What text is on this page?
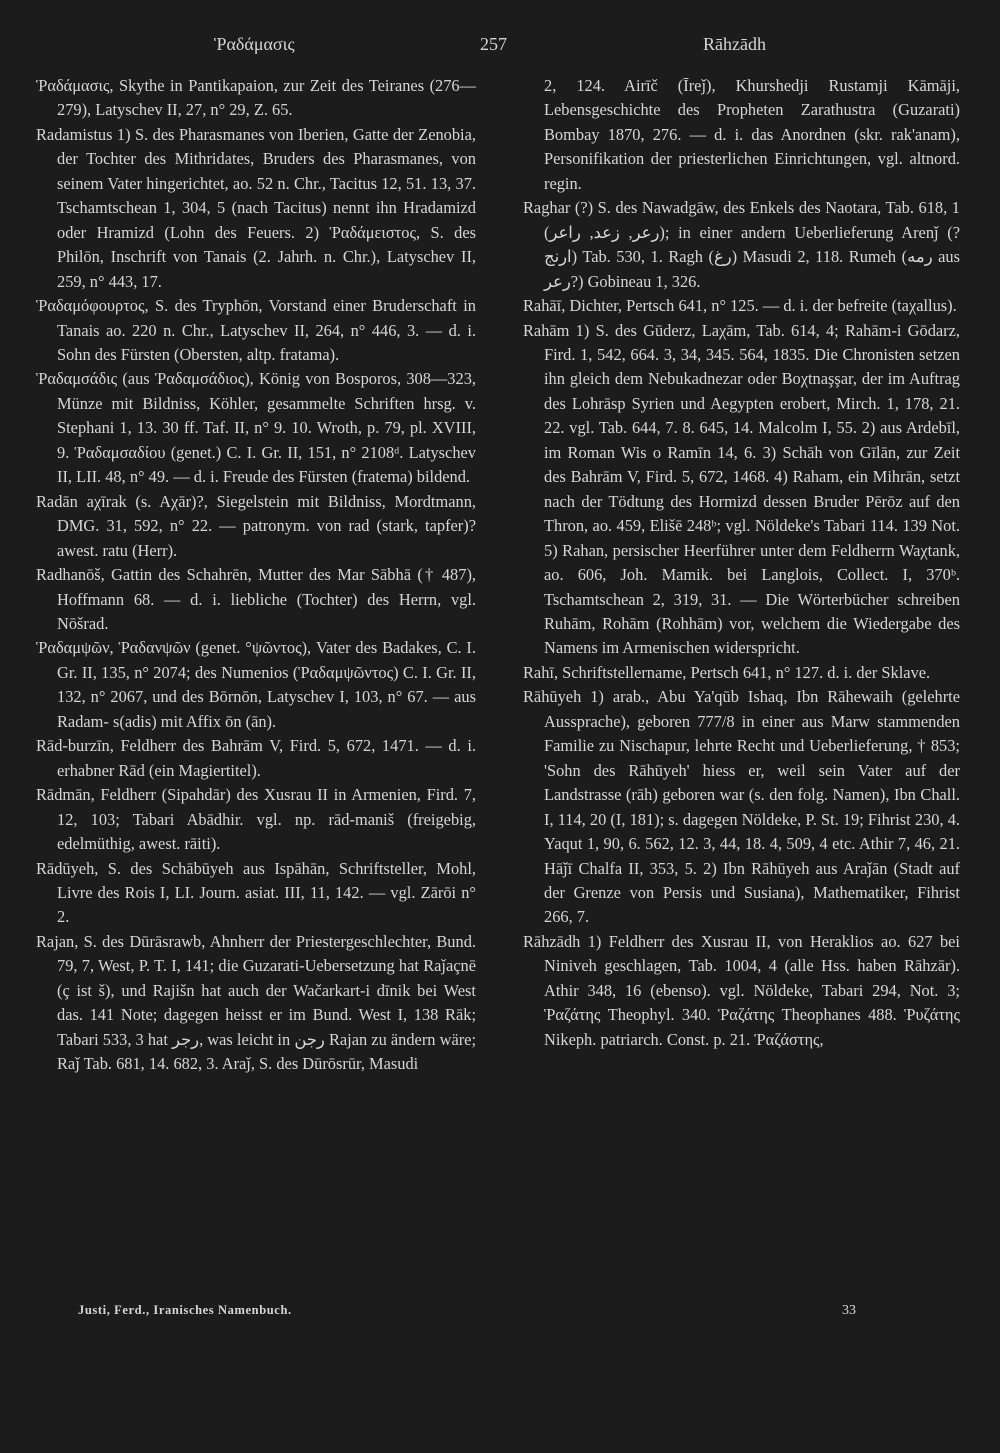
Ῥαδάμασις	257	Rāhzādh

Ῥαδάμασις, Skythe in Pantikapaion, zur Zeit des Teiranes (276—279), Latyschev II, 27, n° 29, Z. 65.

Radamistus 1) S. des Pharasmanes von Iberien, Gatte der Zenobia, der Tochter des Mithridates, Bruders des Pharasmanes, von seinem Vater hingerichtet, ao. 52 n. Chr., Tacitus 12, 51. 13, 37. Tschamtschean 1, 304, 5 (nach Tacitus) nennt ihn Hradamizd oder Hramizd (Lohn des Feuers. 2) Ῥαδάμειστος, S. des Philōn, Inschrift von Tanais (2. Jahrh. n. Chr.), Latyschev II, 259, n° 443, 17.

Ῥαδαμόφουρτος, S. des Tryphōn, Vorstand einer Bruderschaft in Tanais ao. 220 n. Chr., Latyschev II, 264, n° 446, 3. — d. i. Sohn des Fürsten (Obersten, altp. fratama).

Ῥαδαμσάδις (aus Ῥαδαμσάδιος), König von Bosporos, 308—323, Münze mit Bildniss, Köhler, gesammelte Schriften hrsg. v. Stephani 1, 13. 30 ff. Taf. II, n° 9. 10. Wroth, p. 79, pl. XVIII, 9. Ῥαδαμσαδίου (genet.) C. I. Gr. II, 151, n° 2108ᵈ. Latyschev II, LII. 48, n° 49. — d. i. Freude des Fürsten (fratema) bildend.

Radān aχīrak (s. Aχār)?, Siegelstein mit Bildniss, Mordtmann, DMG. 31, 592, n° 22. — patronym. von rad (stark, tapfer)? awest. ratu (Herr).

Radhanōš, Gattin des Schahrēn, Mutter des Mar Sābhā († 487), Hoffmann 68. — d. i. liebliche (Tochter) des Herrn, vgl. Nōšrad.

Ῥαδαμψῶν, Ῥαδανψῶν (genet. °ψῶντος), Vater des Badakes, C. I. Gr. II, 135, n° 2074; des Numenios (Ῥαδαμψῶντος) C. I. Gr. II, 132, n° 2067, und des Bōrnōn, Latyschev I, 103, n° 67. — aus Radam- s(adis) mit Affix ōn (ān).

Rād-burzīn, Feldherr des Bahrām V, Fird. 5, 672, 1471. — d. i. erhabner Rād (ein Magiertitel).

Rādmān, Feldherr (Sipahdār) des Xusrau II in Armenien, Fird. 7, 12, 103; Tabari Abādhir. vgl. np. rād-maniš (freigebig, edelmüthig, awest. rāiti).

Rādūyeh, S. des Schābūyeh aus Ispāhān, Schriftsteller, Mohl, Livre des Rois I, LI. Journ. asiat. III, 11, 142. — vgl. Zārōi n° 2.

Rajan, S. des Dūrāsrawb, Ahnherr der Priestergeschlechter, Bund. 79, 7, West, P. T. I, 141; die Guzarati-Uebersetzung hat Raǰaçnē (ç ist š), und Rajišn hat auch der Wačarkart-i dīnik bei West das. 141 Note; dagegen heisst er im Bund. West I, 138 Rāk; Tabari 533, 3 hat رجر, was leicht in رجن Rajan zu ändern wäre; Raǰ Tab. 681, 14. 682, 3. Araǰ, S. des Dūrōsrūr, Masudi

2, 124. Airīč (Īrеǰ), Khurshedji Rustamji Kāmāji, Lebensgeschichte des Propheten Zarathustra (Guzarati) Bombay 1870, 276. — d. i. das Anordnen (skr. rak'anam), Personifikation der priesterlichen Einrichtungen, vgl. altnord. regin.

Raghar (?) S. des Nawadgāw, des Enkels des Naotara, Tab. 618, 1 (رعر, زعد, راعر); in einer andern Ueberlieferung Arenǰ (? ارنج) Tab. 530, 1. Ragh (رغ) Masudi 2, 118. Rumeh (رمه aus رعر?) Gobineau 1, 326.

Rahāī, Dichter, Pertsch 641, n° 125. — d. i. der befreite (taχallus).

Rahām 1) S. des Gūderz, Laχām, Tab. 614, 4; Rahām-i Gōdarz, Fird. 1, 542, 664. 3, 34, 345. 564, 1835. Die Chronisten setzen ihn gleich dem Nebukadnezar oder Boχtnaşşar, der im Auftrag des Lohrāsp Syrien und Aegypten erobert, Mirch. 1, 178, 21. 22. vgl. Tab. 644, 7. 8. 645, 14. Malcolm I, 55. 2) aus Ardebīl, im Roman Wis o Ramīn 14, 6. 3) Schāh von Gīlān, zur Zeit des Bahrām V, Fird. 5, 672, 1468. 4) Raham, ein Mihrān, setzt nach der Tödtung des Hormizd dessen Bruder Pērōz auf den Thron, ao. 459, Elišē 248ᵇ; vgl. Nöldeke's Tabari 114. 139 Not. 5) Rahan, persischer Heerführer unter dem Feldherrn Waχtank, ao. 606, Joh. Mamik. bei Langlois, Collect. I, 370ᵇ. Tschamtschean 2, 319, 31. — Die Wörterbücher schreiben Ruhām, Rohām (Rohhām) vor, welchem die Wiedergabe des Namens im Armenischen widerspricht.

Rahī, Schriftstellername, Pertsch 641, n° 127. d. i. der Sklave.

Rāhūyeh 1) arab., Abu Ya'qūb Ishaq, Ibn Rāhewaih (gelehrte Aussprache), geboren 777/8 in einer aus Marw stammenden Familie zu Nischapur, lehrte Recht und Ueberlieferung, † 853; 'Sohn des Rāhūyeh' hiess er, weil sein Vater auf der Landstrasse (rāh) geboren war (s. den folg. Namen), Ibn Chall. I, 114, 20 (I, 181); s. dagegen Nöldeke, P. St. 19; Fihrist 230, 4. Yaqut 1, 90, 6. 562, 12. 3, 44, 18. 4, 509, 4 etc. Athir 7, 46, 21. Hāǰī Chalfa II, 353, 5. 2) Ibn Rāhūyeh aus Araǰān (Stadt auf der Grenze von Persis und Susiana), Mathematiker, Fihrist 266, 7.

Rāhzādh 1) Feldherr des Xusrau II, von Heraklios ao. 627 bei Niniveh geschlagen, Tab. 1004, 4 (alle Hss. haben Rāhzār). Athir 348, 16 (ebenso). vgl. Nöldeke, Tabari 294, Not. 3; Ῥαζάτης Theophyl. 340. Ῥαζάτης Theophanes 488. Ῥυζάτης Nikeph. patriarch. Const. p. 21. Ῥαζάστης,

Justi, Ferd., Iranisches Namenbuch.	33
